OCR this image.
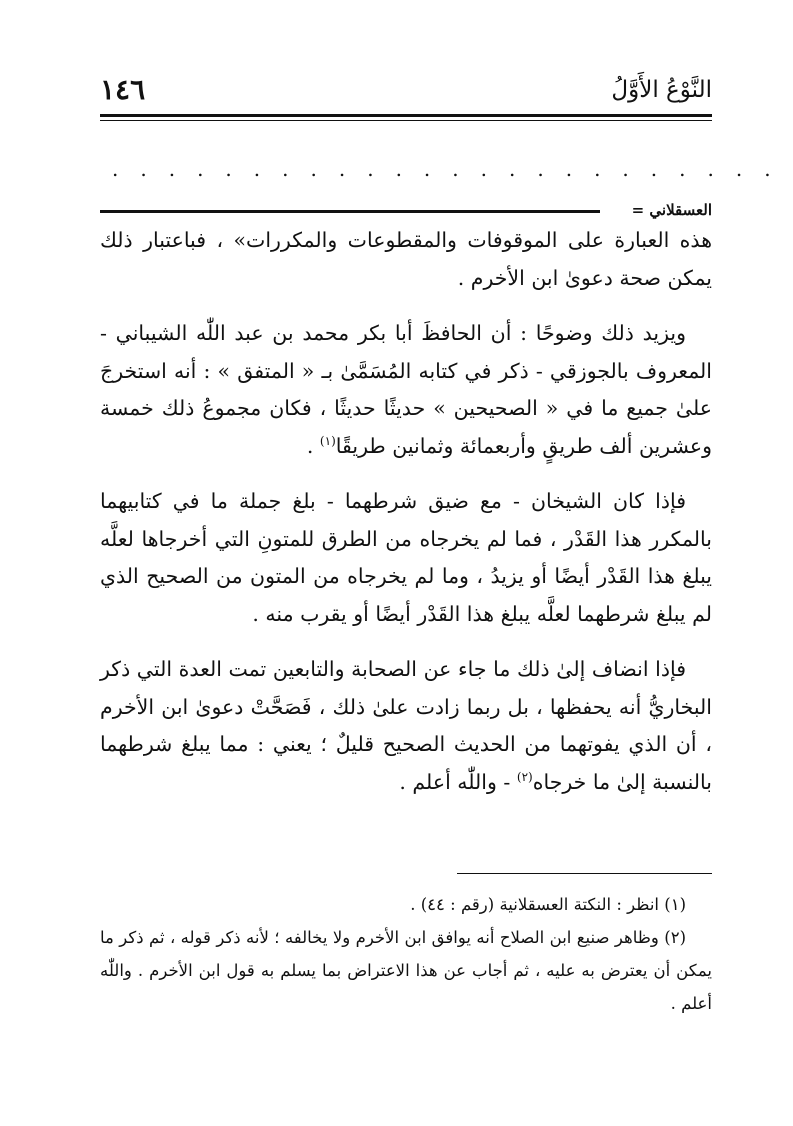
النَّوْعُ الأَوَّلُ
١٤٦
........................
العسقلاني =

هذه العبارة على الموقوفات والمقطوعات والمكررات» ، فباعتبار ذلك يمكن صحة دعوىٰ ابن الأخرم .

ويزيد ذلك وضوحًا : أن الحافظَ أبا بكر محمد بن عبد اللّٰه الشيباني - المعروف بالجوزقي - ذكر في كتابه المُسَمَّىٰ بـ « المتفق » : أنه استخرجَ علىٰ جميع ما في « الصحيحين » حديثًا حديثًا ، فكان مجموعُ ذلك خمسة وعشرين ألف طريقٍ وأربعمائة وثمانين طريقًا$^{(١)}$ .

فإذا كان الشيخان - مع ضيق شرطهما - بلغ جملة ما في كتابيهما بالمكرر هذا القَدْر ، فما لم يخرجاه من الطرق للمتونِ التي أخرجاها لعلَّه يبلغ هذا القَدْر أيضًا أو يزيدُ ، وما لم يخرجاه من المتون من الصحيح الذي لم يبلغ شرطهما لعلَّه يبلغ هذا القَدْر أيضًا أو يقرب منه .

فإذا انضاف إلىٰ ذلك ما جاء عن الصحابة والتابعين تمت العدة التي ذكر البخاريُّ أنه يحفظها ، بل ربما زادت علىٰ ذلك ، فَصَحَّتْ دعوىٰ ابن الأخرم ، أن الذي يفوتهما من الحديث الصحيح قليلٌ ؛ يعني : مما يبلغ شرطهما بالنسبة إلىٰ ما خرجاه$^{(٢)}$ - واللّٰه أعلم .

(١) انظر : النكتة العسقلانية (رقم : ٤٤) .

(٢) وظاهر صنيع ابن الصلاح أنه يوافق ابن الأخرم ولا يخالفه ؛ لأنه ذكر قوله ، ثم ذكر ما يمكن أن يعترض به عليه ، ثم أجاب عن هذا الاعتراض بما يسلم به قول ابن الأخرم . واللّٰه أعلم .
